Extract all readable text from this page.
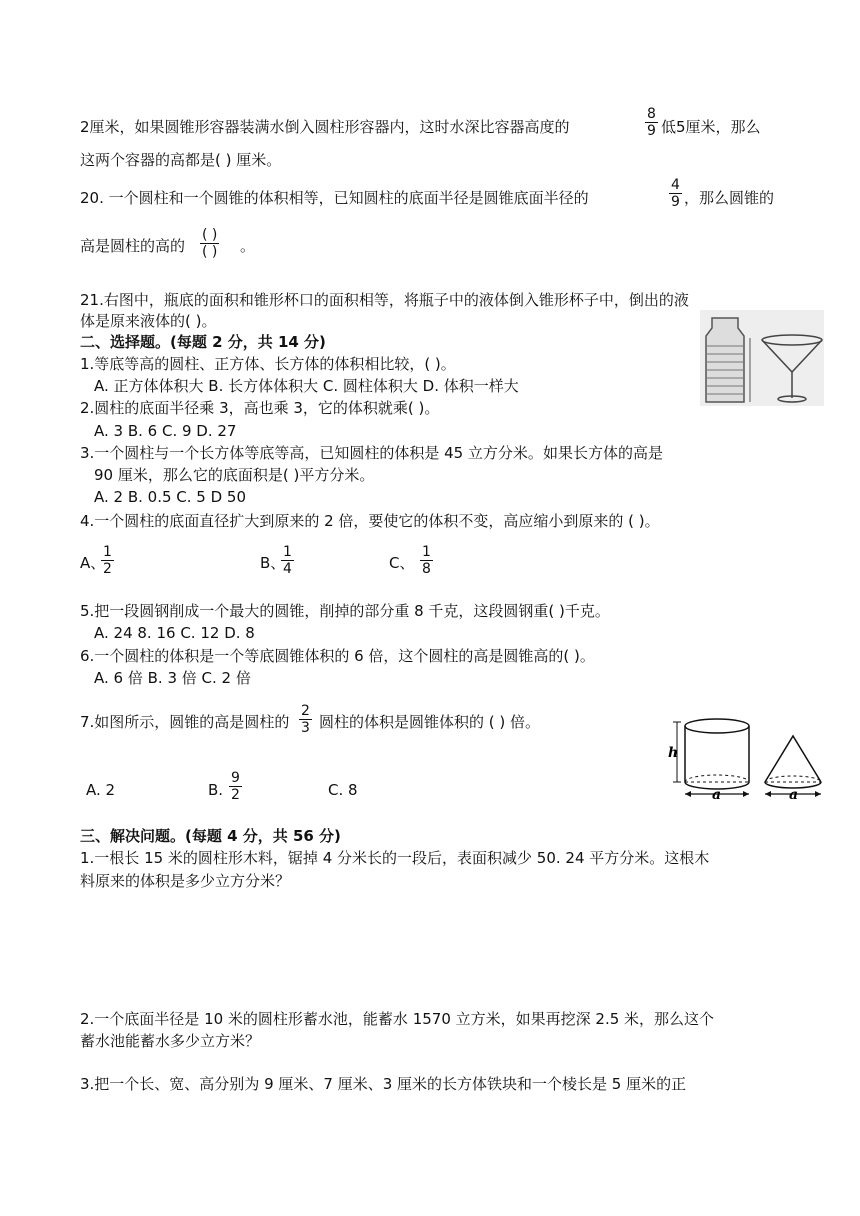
2厘米，如果圆锥形容器装满水倒入圆柱形容器内，这时水深比容器高度的	$\frac{8}{9}$ 低5厘米，那么
这两个容器的高都是( ) 厘米。
20. 一个圆柱和一个圆锥的体积相等，已知圆柱的底面半径是圆锥底面半径的	$\frac{4}{9}$ ，那么圆锥的
高是圆柱的高的
( )
( ) 。
21.右图中，瓶底的面积和锥形杯口的面积相等，将瓶子中的液体倒入锥形杯子中，倒出的液
体是原来液体的( )。
二、选择题。(每题 2 分，共 14 分)
1.等底等高的圆柱、正方体、长方体的体积相比较，( )。
A. 正方体体积大 B. 长方体体积大 C. 圆柱体积大 D. 体积一样大
2.圆柱的底面半径乘 3，高也乘 3，它的体积就乘( )。
A. 3 B. 6 C. 9 D. 27
3.一个圆柱与一个长方体等底等高，已知圆柱的体积是 45 立方分米。如果长方体的高是
90 厘米，那么它的底面积是( )平方分米。
A. 2 B. 0.5 C. 5 D 50
4.一个圆柱的底面直径扩大到原来的 2 倍，要使它的体积不变，高应缩小到原来的 ( )。
A、
$\frac{1}{2}$	B、
$\frac{1}{4}$	C、 $\frac{1}{8}$
5.把一段圆钢削成一个最大的圆锥，削掉的部分重 8 千克，这段圆钢重( )千克。
A. 24 8. 16 C. 12 D. 8
6.一个圆柱的体积是一个等底圆锥体积的 6 倍，这个圆柱的高是圆锥高的( )。
A. 6 倍 B. 3 倍 C. 2 倍
7.如图所示，圆锥的高是圆柱的 $\frac{2}{3}$ 圆柱的体积是圆锥体积的 ( ) 倍。
A. 2	B. $\frac{9}{2}$	C. 8
h
a	a
三、解决问题。(每题 4 分，共 56 分)
1.一根长 15 米的圆柱形木料，锯掉 4 分米长的一段后，表面积减少 50. 24 平方分米。这根木
料原来的体积是多少立方分米？
2.一个底面半径是 10 米的圆柱形蓄水池，能蓄水 1570 立方米，如果再挖深 2.5 米，那么这个
蓄水池能蓄水多少立方米？
3.把一个长、宽、高分别为 9 厘米、7 厘米、3 厘米的长方体铁块和一个棱长是 5 厘米的正
